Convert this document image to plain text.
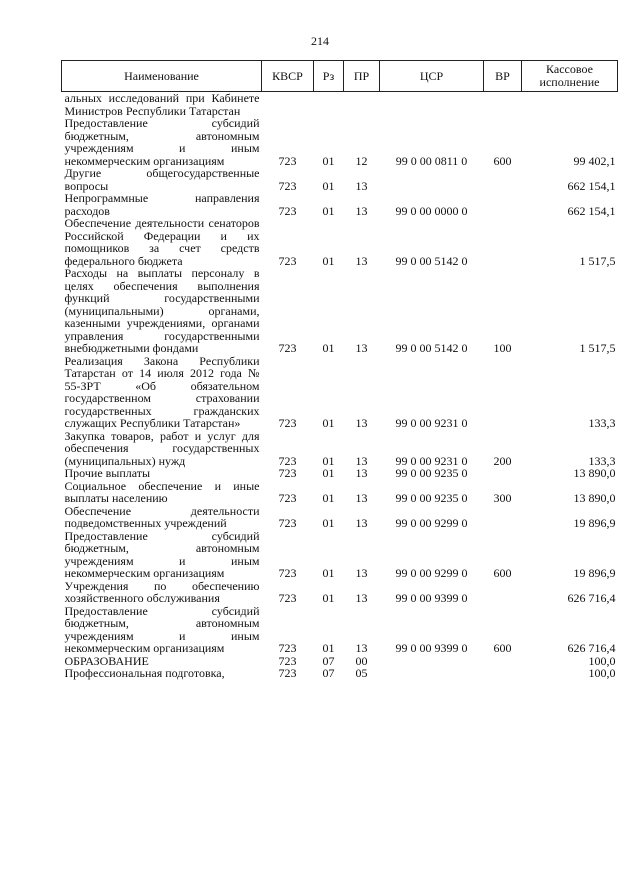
214
Наименование	КВСР	Рз	ПР	ЦСР	ВР	Кассовое исполнение
альных исследований при Кабинете Министров Республики Татарстан						
Предоставление субсидий бюджетным, автономным учреждениям и иным некоммерческим организациям	723	01	12	99 0 00 0811 0	600	99 402,1
Другие общегосударственные вопросы	723	01	13			662 154,1
Непрограммные направления расходов	723	01	13	99 0 00 0000 0		662 154,1
Обеспечение деятельности сенаторов Российской Федерации и их помощников за счет средств федерального бюджета	723	01	13	99 0 00 5142 0		1 517,5
Расходы на выплаты персоналу в целях обеспечения выполнения функций государственными (муниципальными) органами, казенными учреждениями, органами управления государственными внебюджетными фондами	723	01	13	99 0 00 5142 0	100	1 517,5
Реализация Закона Республики Татарстан от 14 июля 2012 года № 55-ЗРТ «Об обязательном государственном страховании государственных гражданских служащих Республики Татарстан»	723	01	13	99 0 00 9231 0		133,3
Закупка товаров, работ и услуг для обеспечения государственных (муниципальных) нужд	723	01	13	99 0 00 9231 0	200	133,3
Прочие выплаты	723	01	13	99 0 00 9235 0		13 890,0
Социальное обеспечение и иные выплаты населению	723	01	13	99 0 00 9235 0	300	13 890,0
Обеспечение деятельности подведомственных учреждений	723	01	13	99 0 00 9299 0		19 896,9
Предоставление субсидий бюджетным, автономным учреждениям и иным некоммерческим организациям	723	01	13	99 0 00 9299 0	600	19 896,9
Учреждения по обеспечению хозяйственного обслуживания	723	01	13	99 0 00 9399 0		626 716,4
Предоставление субсидий бюджетным, автономным учреждениям и иным некоммерческим организациям	723	01	13	99 0 00 9399 0	600	626 716,4
ОБРАЗОВАНИЕ	723	07	00			100,0
Профессиональная подготовка,	723	07	05			100,0
